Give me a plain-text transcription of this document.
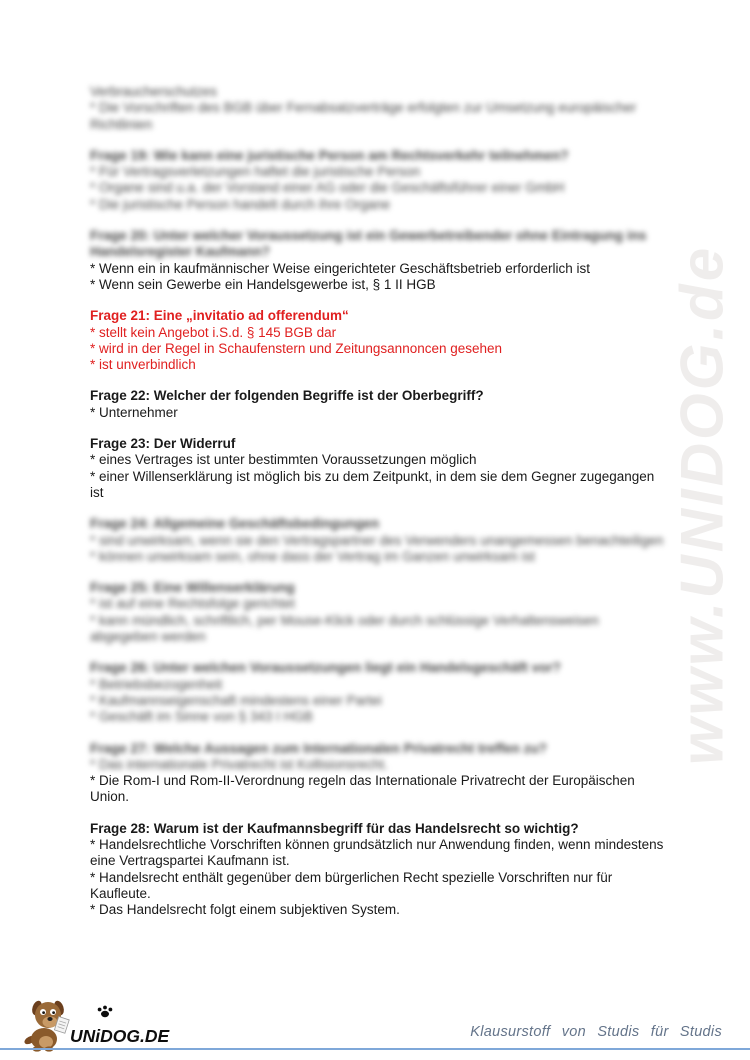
www.UNIDOG.de

Verbraucherschutzes

* Die Vorschriften des BGB über Fernabsatzverträge erfolgten zur Umsetzung europäischer Richtlinien

Frage 19: Wie kann eine juristische Person am Rechtsverkehr teilnehmen?

* Für Vertragsverletzungen haftet die juristische Person

* Organe sind u.a. der Vorstand einer AG oder die Geschäftsführer einer GmbH

* Die juristische Person handelt durch ihre Organe

Frage 20: Unter welcher Voraussetzung ist ein Gewerbetreibender ohne Eintragung ins Handelsregister Kaufmann?

* Wenn ein in kaufmännischer Weise eingerichteter Geschäftsbetrieb erforderlich ist

* Wenn sein Gewerbe ein Handelsgewerbe ist, § 1 II HGB

Frage 21: Eine „invitatio ad offerendum“

* stellt kein Angebot i.S.d. § 145 BGB dar

* wird in der Regel in Schaufenstern und Zeitungsannoncen gesehen

* ist unverbindlich

Frage 22: Welcher der folgenden Begriffe ist der Oberbegriff?

* Unternehmer

Frage 23: Der Widerruf

* eines Vertrages ist unter bestimmten Voraussetzungen möglich

* einer Willenserklärung ist möglich bis zu dem Zeitpunkt, in dem sie dem Gegner zugegangen ist

Frage 24: Allgemeine Geschäftsbedingungen

* sind unwirksam, wenn sie den Vertragspartner des Verwenders unangemessen benachteiligen

* können unwirksam sein, ohne dass der Vertrag im Ganzen unwirksam ist

Frage 25: Eine Willenserklärung

* ist auf eine Rechtsfolge gerichtet

* kann mündlich, schriftlich, per Mouse-Klick oder durch schlüssige Verhaltensweisen abgegeben werden

Frage 26: Unter welchen Voraussetzungen liegt ein Handelsgeschäft vor?

* Betriebsbezogenheit

* Kaufmannseigenschaft mindestens einer Partei

* Geschäft im Sinne von § 343 I HGB

Frage 27: Welche Aussagen zum Internationalen Privatrecht treffen zu?

* Das internationale Privatrecht ist Kollisionsrecht.

* Die Rom-I und Rom-II-Verordnung regeln das Internationale Privatrecht der Europäischen Union.

Frage 28: Warum ist der Kaufmannsbegriff für das Handelsrecht so wichtig?

* Handelsrechtliche Vorschriften können grundsätzlich nur Anwendung finden, wenn mindestens eine Vertragspartei Kaufmann ist.

* Handelsrecht enthält gegenüber dem bürgerlichen Recht spezielle Vorschriften nur für Kaufleute.

* Das Handelsrecht folgt einem subjektiven System.

UNiDOG.DE	Klausurstoff von Studis für Studis
